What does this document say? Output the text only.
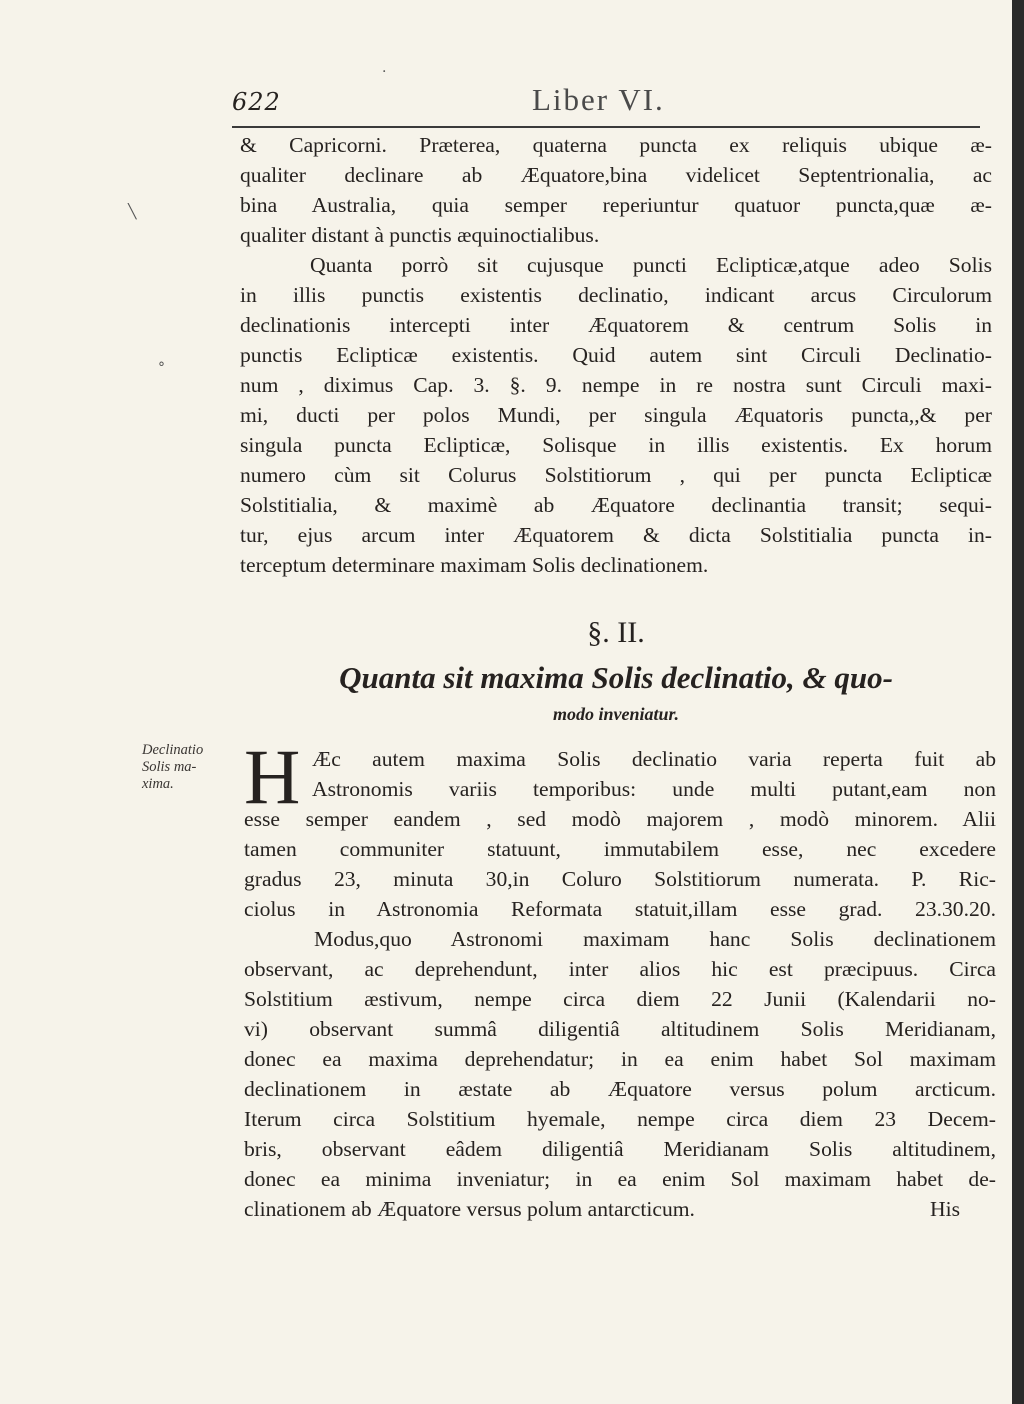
622	Liber VI.
& Capricorni. Præterea, quaterna puncta ex reliquis ubique æ-
qualiter declinare ab Æquatore,bina videlicet Septentrionalia, ac
bina Australia, quia semper reperiuntur quatuor puncta,quæ æ-
qualiter distant à punctis æquinoctialibus.
Quanta porrò sit cujusque puncti Eclipticæ,atque adeo Solis
in illis punctis existentis declinatio, indicant arcus Circulorum
declinationis intercepti inter Æquatorem & centrum Solis in
punctis Eclipticæ existentis. Quid autem sint Circuli Declinatio-
num , diximus Cap. 3. §. 9. nempe in re nostra sunt Circuli maxi-
mi, ducti per polos Mundi, per singula Æquatoris puncta,,& per
singula puncta Eclipticæ, Solisque in illis existentis. Ex horum
numero cùm sit Colurus Solstitiorum , qui per puncta Eclipticæ
Solstitialia, & maximè ab Æquatore declinantia transit; sequi-
tur, ejus arcum inter Æquatorem & dicta Solstitialia puncta in-
terceptum determinare maximam Solis declinationem.
§. II.
Quanta sit maxima Solis declinatio, & quo-
modo inveniatur.
Declinatio
Solis ma-
xima. H Æc autem maxima Solis declinatio varia reperta fuit ab
Astronomis variis temporibus: unde multi putant,eam non
esse semper eandem , sed modò majorem , modò minorem. Alii
tamen communiter statuunt, immutabilem esse, nec excedere
gradus 23, minuta 30,in Coluro Solstitiorum numerata. P. Ric-
ciolus in Astronomia Reformata statuit,illam esse grad. 23.30.20.
Modus,quo Astronomi maximam hanc Solis declinationem
observant, ac deprehendunt, inter alios hic est præcipuus. Circa
Solstitium æstivum, nempe circa diem 22 Junii (Kalendarii no-
vi) observant summâ diligentiâ altitudinem Solis Meridianam,
donec ea maxima deprehendatur; in ea enim habet Sol maximam
declinationem in æstate ab Æquatore versus polum arcticum.
Iterum circa Solstitium hyemale, nempe circa diem 23 Decem-
bris, observant eâdem diligentiâ Meridianam Solis altitudinem,
donec ea minima inveniatur; in ea enim Sol maximam habet de-
clinationem ab Æquatore versus polum antarcticum.	His
╲
°
·
